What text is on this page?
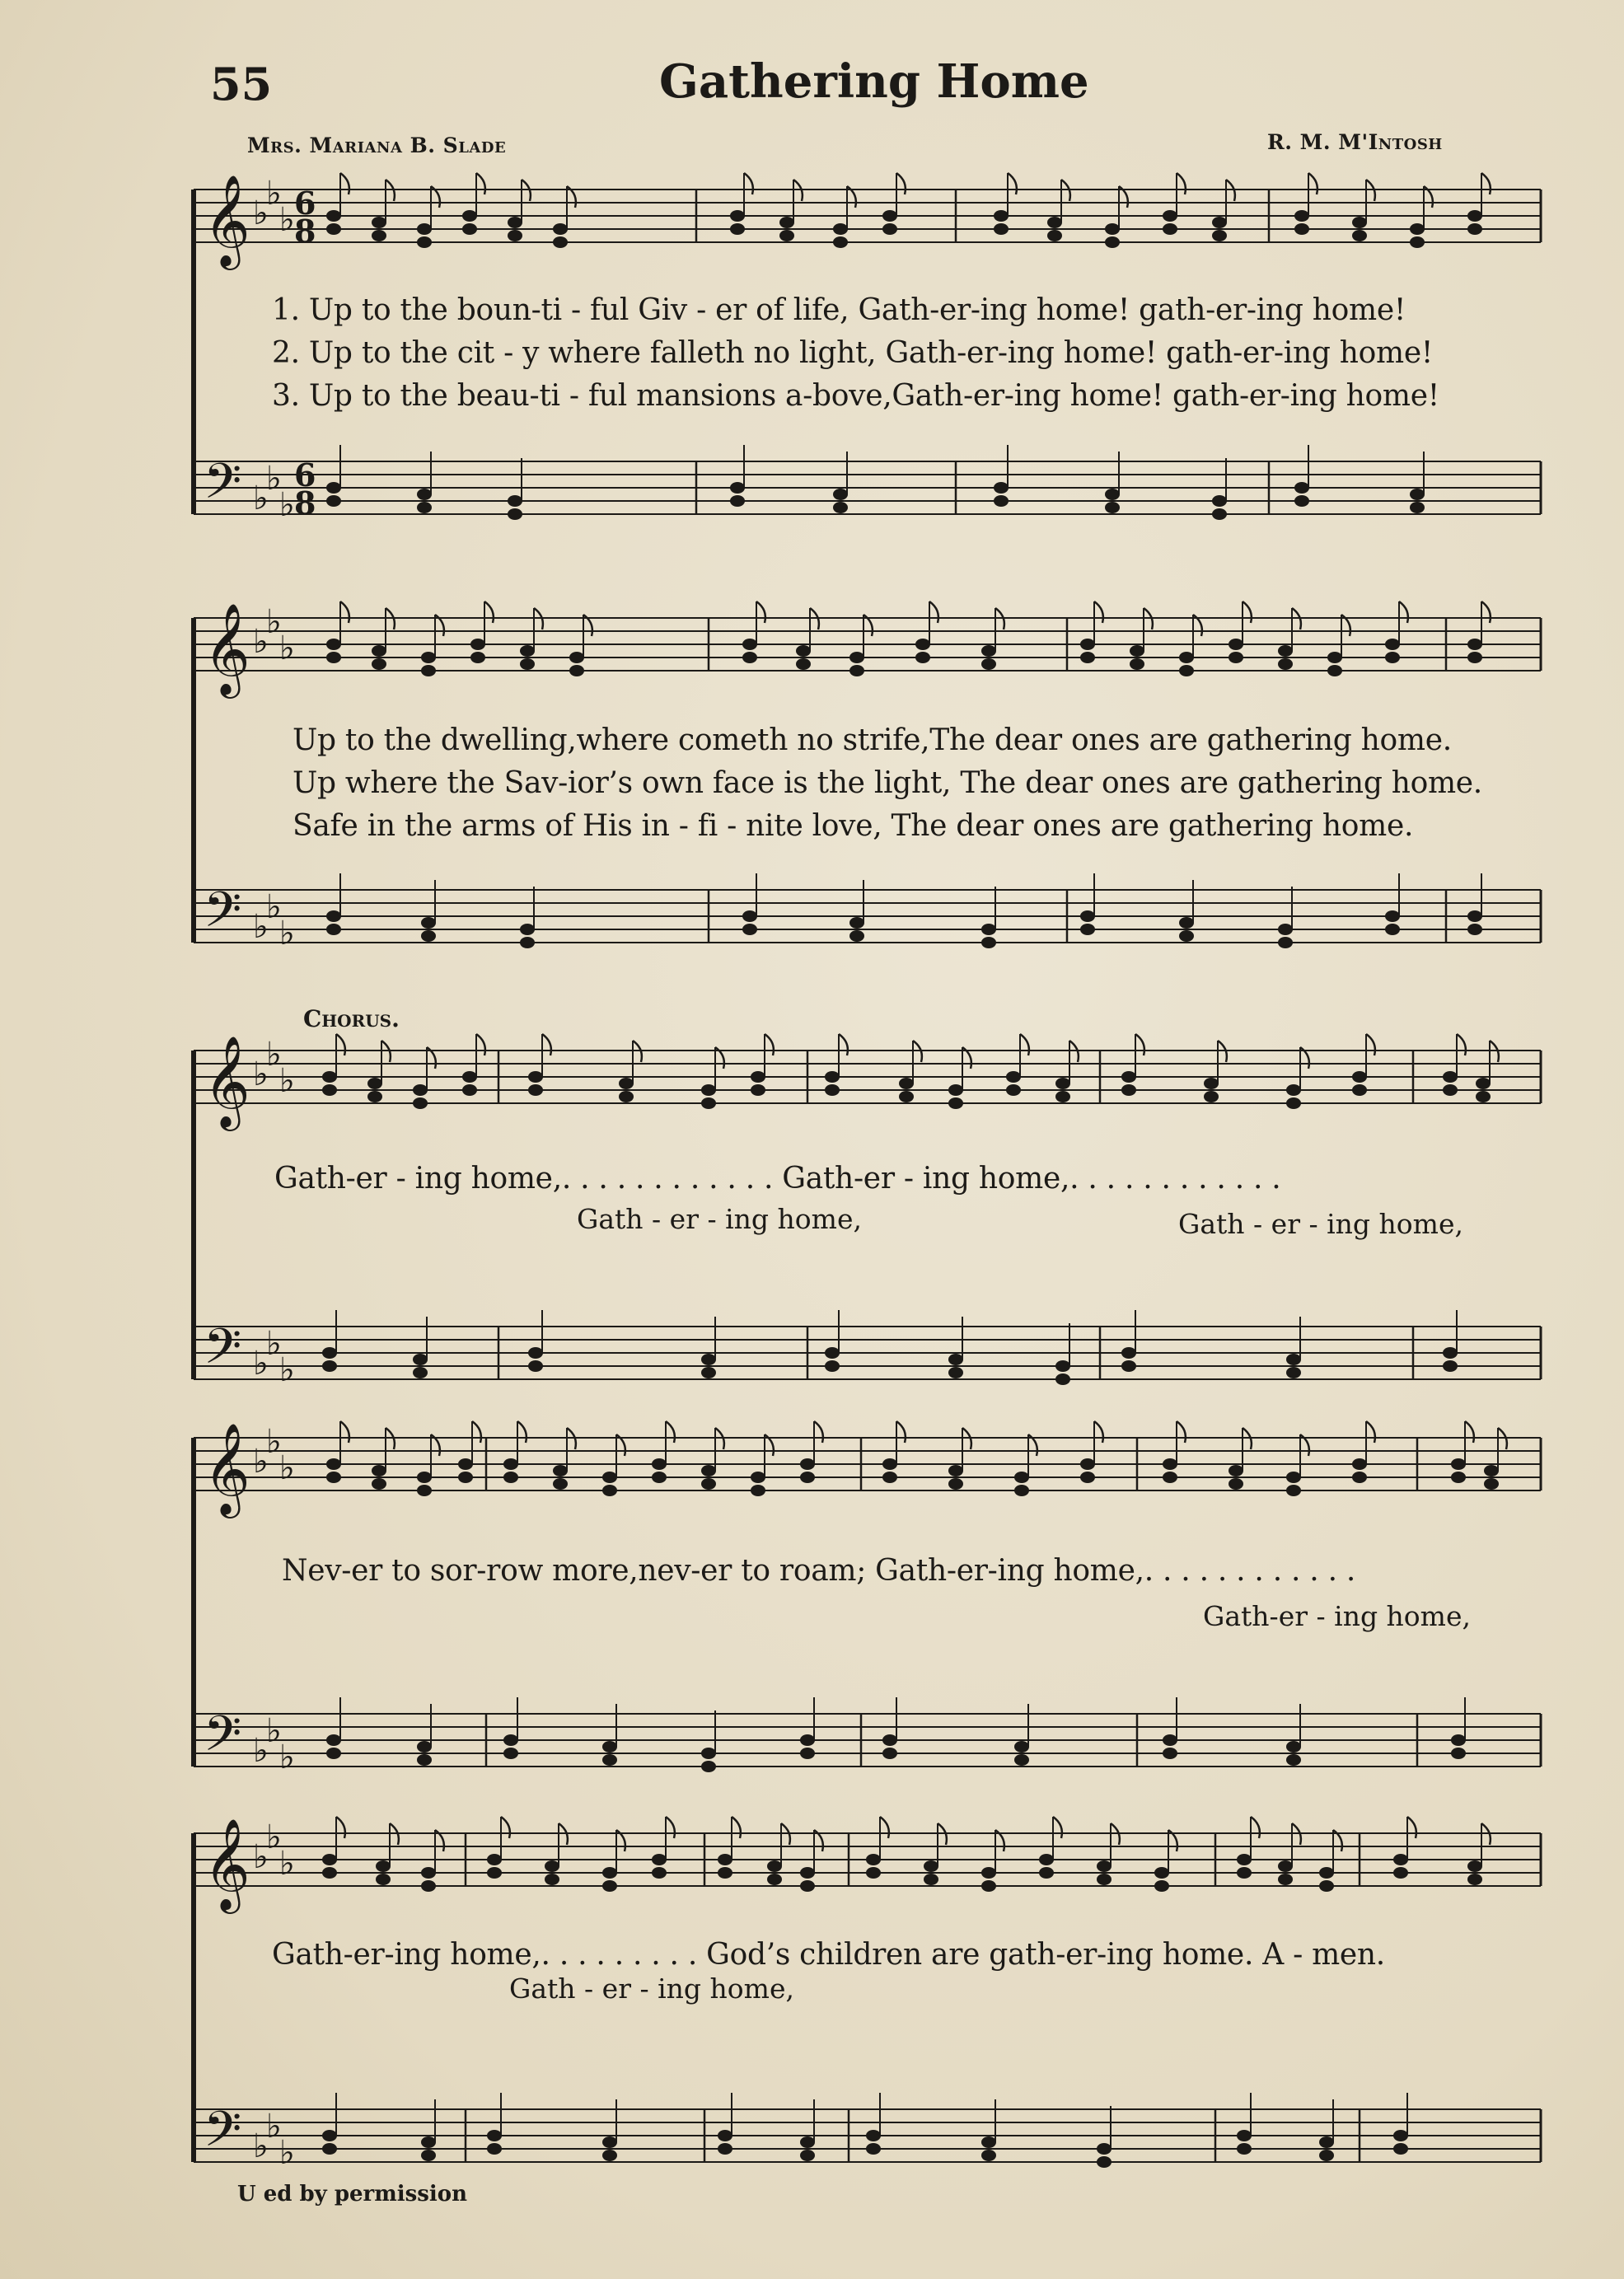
55	Gathering Home
Mrs. Mariana B. Slade	R. M. M'Intosh
𝄞
𝄢
♭
♭
♭
♭
♭
♭
6
8
6
8
𝄞
𝄢
♭
♭
♭
♭
♭
♭
𝄞
𝄢
♭
♭
♭
♭
♭
♭
𝄞
𝄢
♭
♭
♭
♭
♭
♭
𝄞
𝄢
♭
♭
♭
♭
♭
♭
1. Up to the boun-ti - ful Giv - er of life, Gath-er-ing home! gath-er-ing home!
2. Up to the cit - y where falleth no light, Gath-er-ing home! gath-er-ing home!
3. Up to the beau-ti - ful mansions a-bove,Gath-er-ing home! gath-er-ing home!
Up to the dwelling,where cometh no strife,The dear ones are gathering home.
Up where the Sav-ior’s own face is the light, The dear ones are gathering home.
Safe in the arms of His in - fi - nite love, The dear ones are gathering home.
Chorus.
Gath-er - ing home,. . . . . . . . . . . . Gath-er - ing home,. . . . . . . . . . . .
Gath - er - ing home,	Gath - er - ing home,
Nev-er to sor-row more,nev-er to roam; Gath-er-ing home,. . . . . . . . . . . .
Gath-er - ing home,
Gath-er-ing home,. . . . . . . . . God’s children are gath-er-ing home. A - men.
Gath - er - ing home,
U ed by permission
